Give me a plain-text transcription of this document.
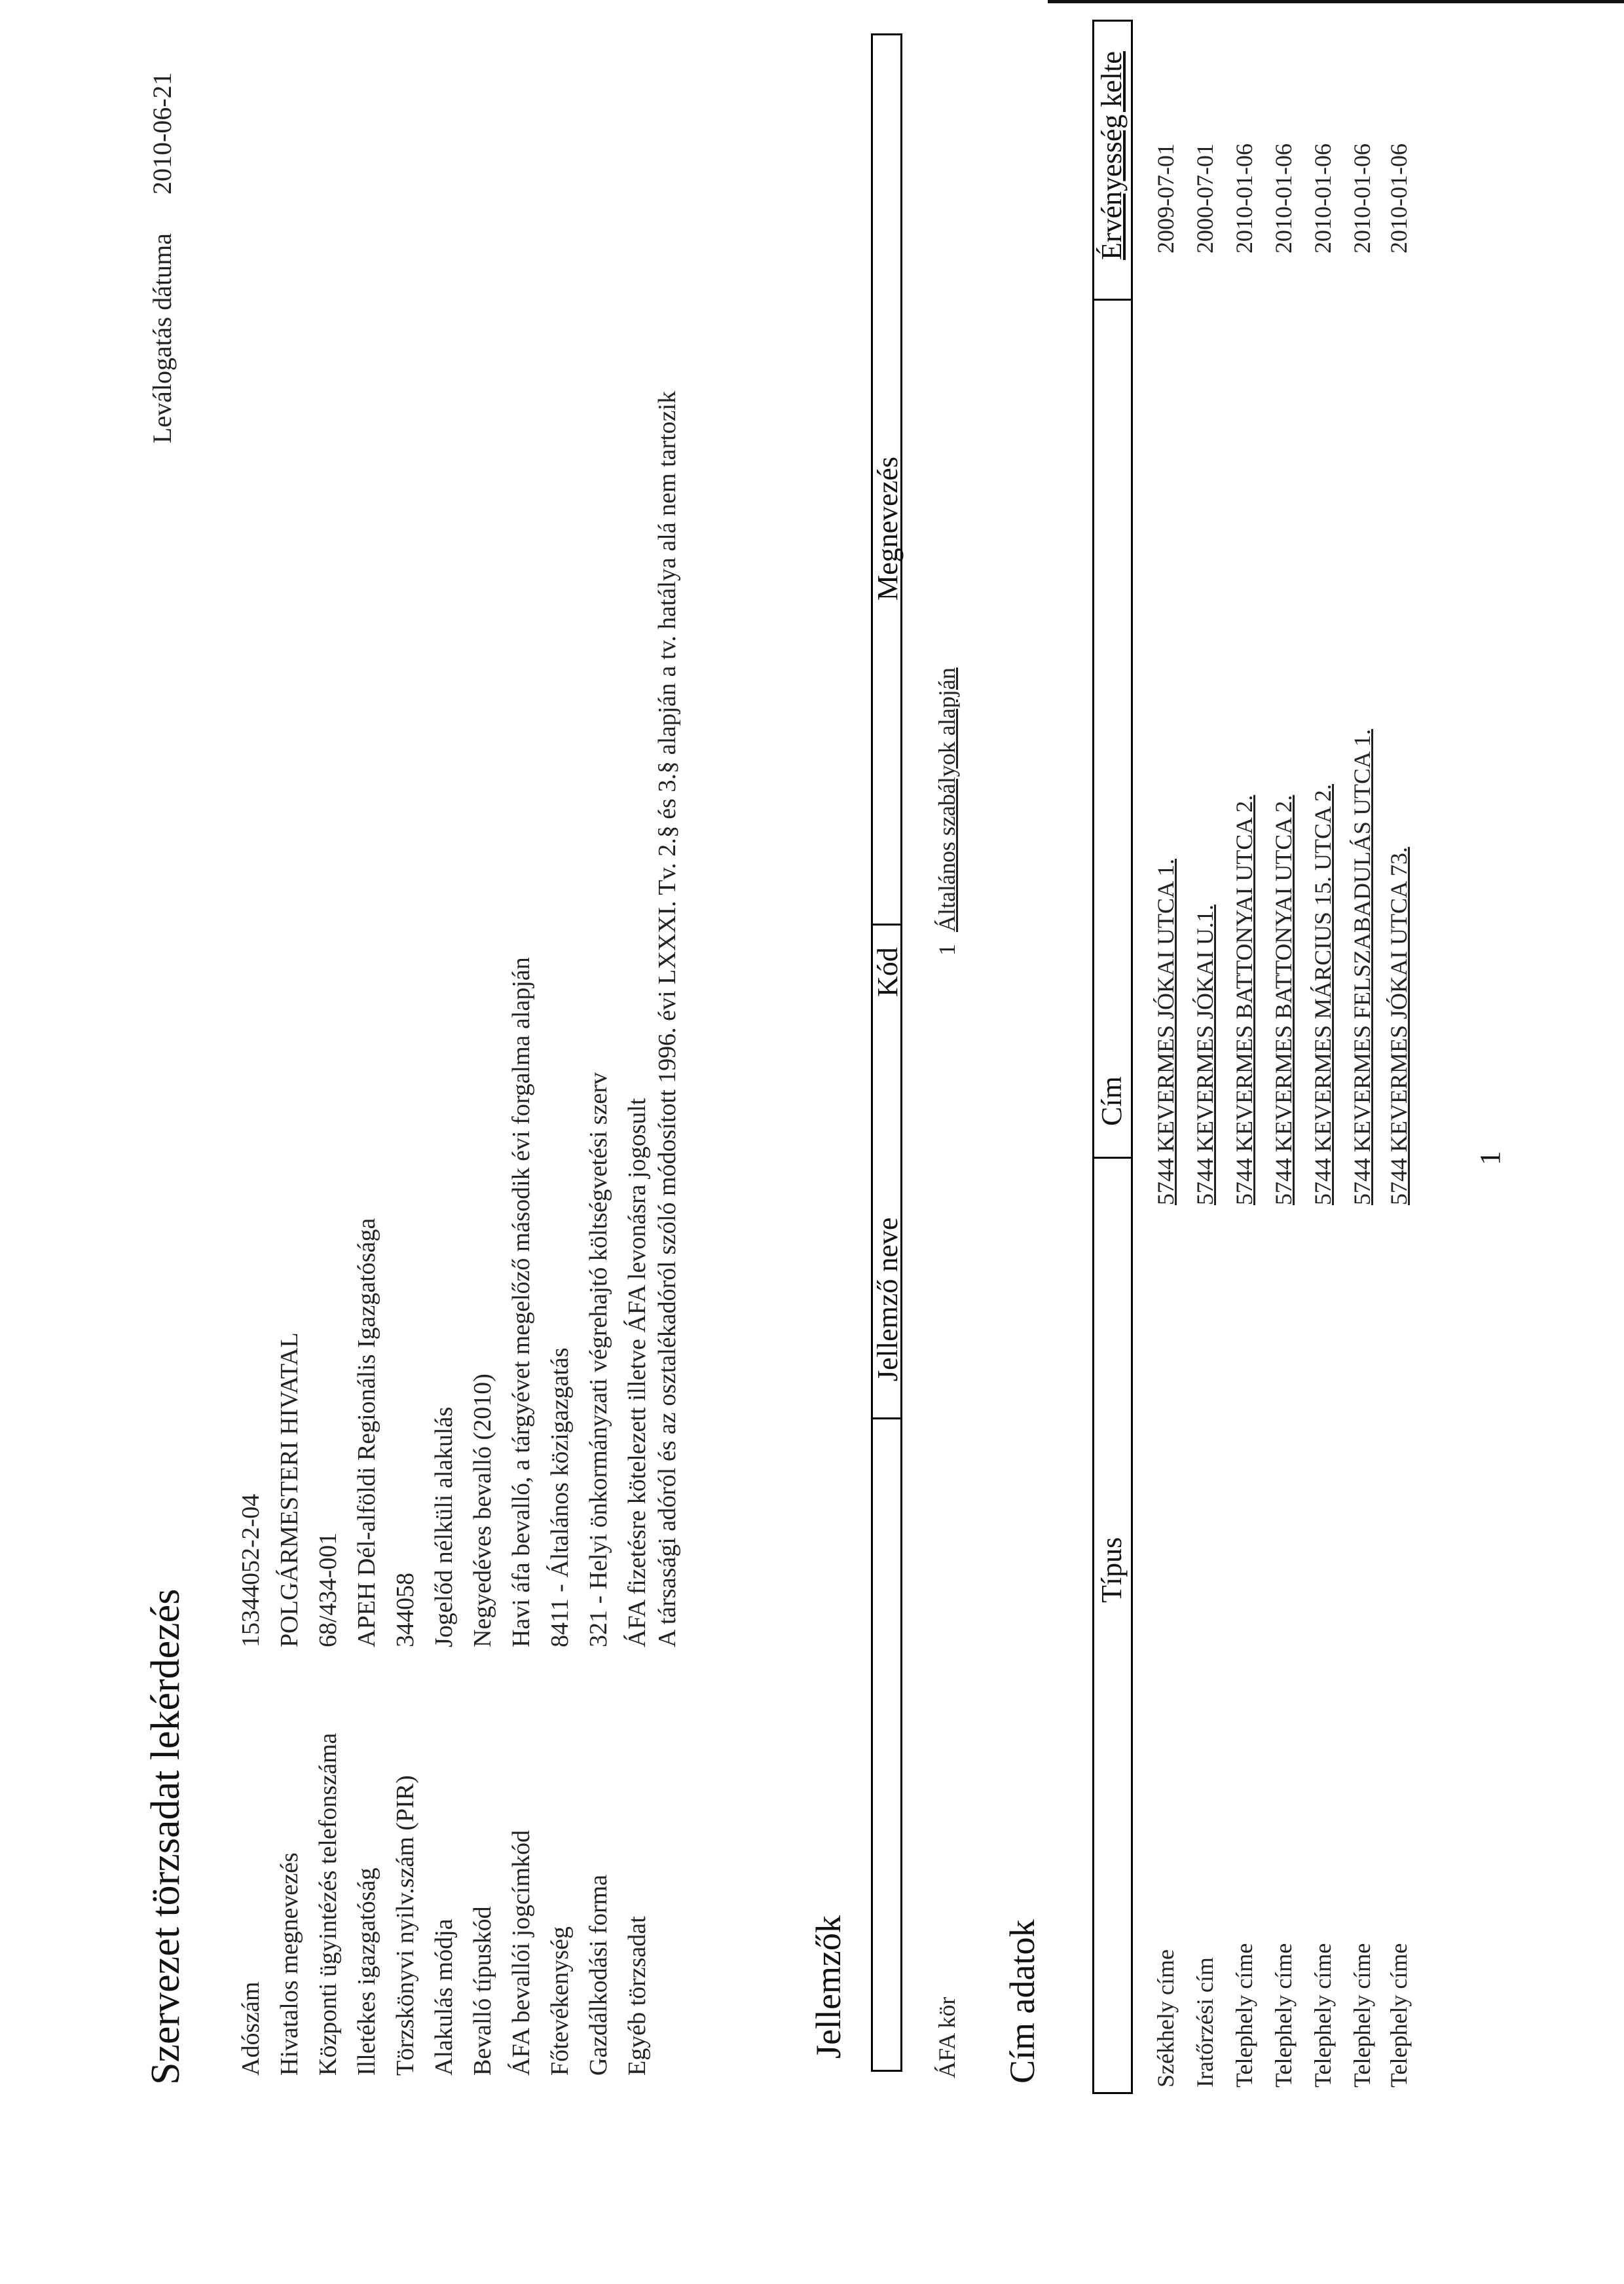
Szervezet törzsadat lekérdezés
Leválogatás dátuma
2010-06-21
Adószám
15344052-2-04
Hivatalos megnevezés
POLGÁRMESTERI HIVATAL
Központi ügyintézés telefonszáma
68/434-001
Illetékes igazgatóság
APEH Dél-alföldi Regionális Igazgatósága
Törzskönyvi nyilv.szám (PIR)
344058
Alakulás módja
Jogelőd nélküli alakulás
Bevalló típuskód
Negyedéves bevalló (2010)
ÁFA bevallói jogcímkód
Havi áfa bevalló, a tárgyévet megelőző második évi forgalma alapján
Főtevékenység
8411 - Általános közigazgatás
Gazdálkodási forma
321 - Helyi önkormányzati végrehajtó költségvetési szerv
Egyéb törzsadat
ÁFA fizetésre kötelezett illetve ÁFA levonásra jogosult A társasági adóról és az osztalékadóról szóló módosított 1996. évi LXXXI. Tv. 2.§ és 3.§ alapján a tv. hatálya alá nem tartozik
Jellemzők
Jellemző neve
Kód
Megnevezés
ÁFA kör
1
Általános szabályok alapján
Cím adatok
Típus
Cím
Érvényesség kelte
Székhely címe
5744 KEVERMES JÓKAI UTCA 1.
2009-07-01
Iratőrzési cím
5744 KEVERMES JÓKAI U.1.
2000-07-01
Telephely címe
5744 KEVERMES BATTONYAI UTCA 2.
2010-01-06
Telephely címe
5744 KEVERMES BATTONYAI UTCA 2.
2010-01-06
Telephely címe
5744 KEVERMES MÁRCIUS 15. UTCA 2.
2010-01-06
Telephely címe
5744 KEVERMES FELSZABADULÁS UTCA 1.
2010-01-06
Telephely címe
5744 KEVERMES JÓKAI UTCA 73.
2010-01-06
1
